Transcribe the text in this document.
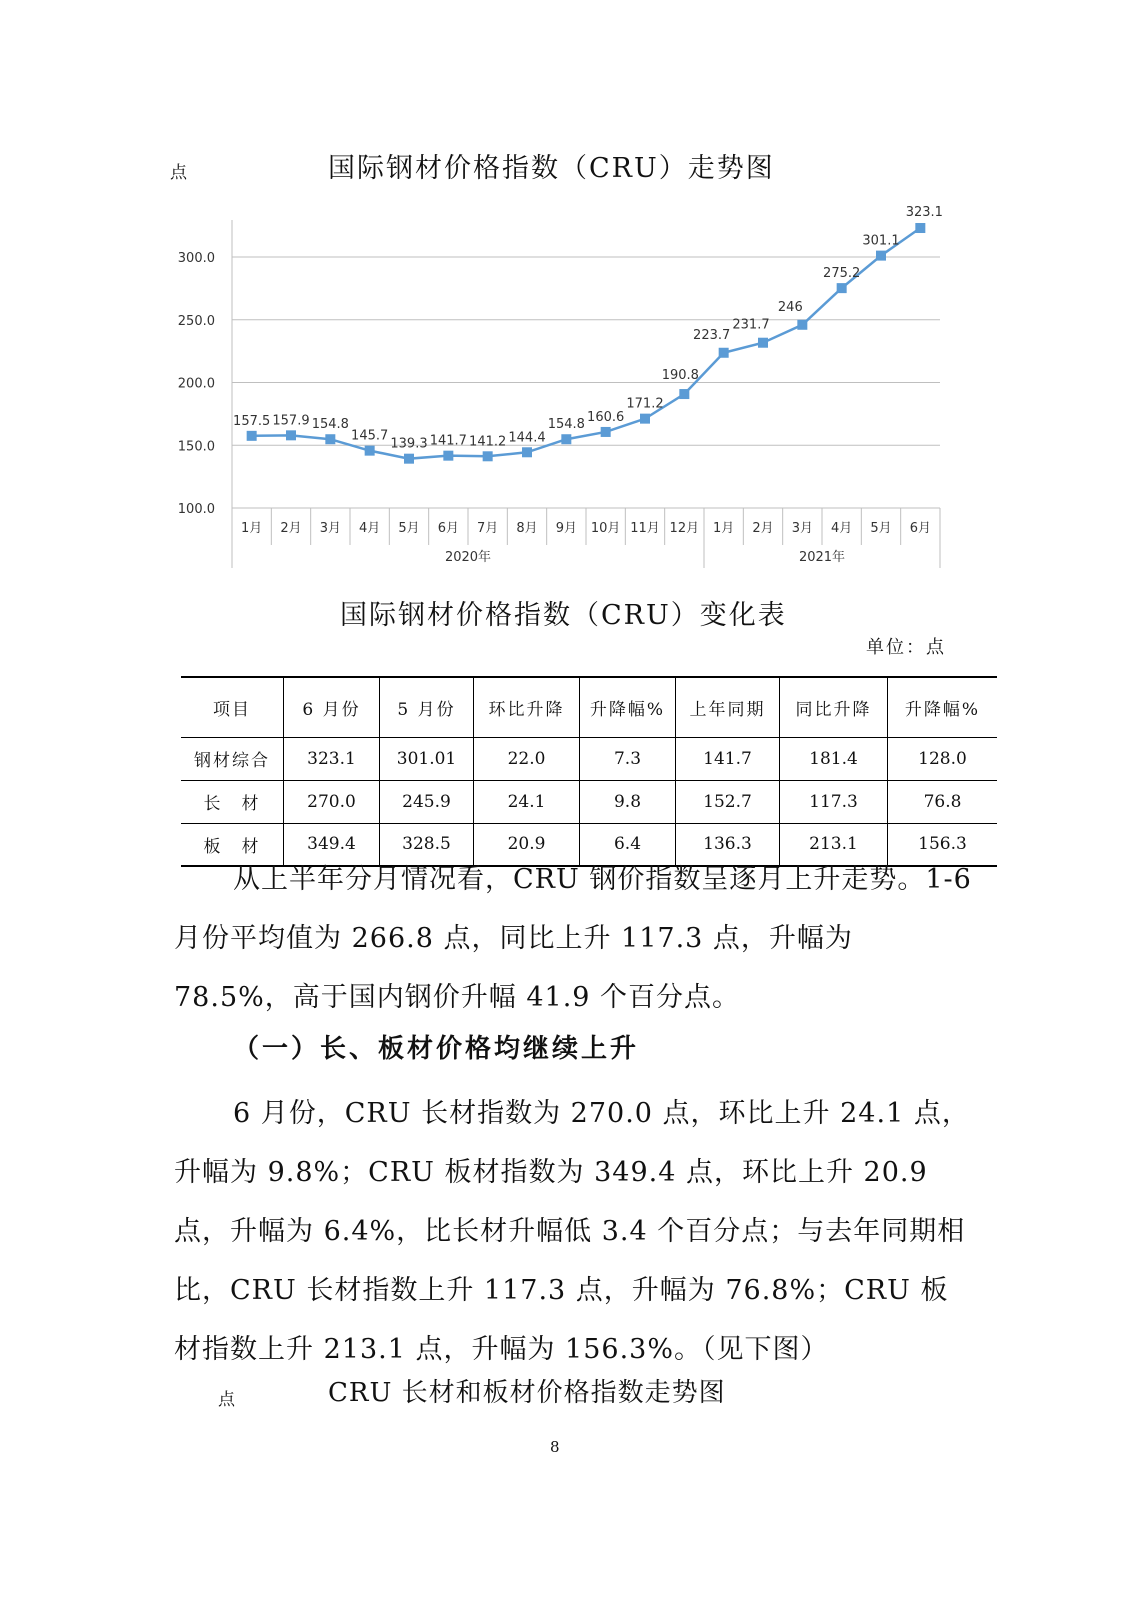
点	国际钢材价格指数（CRU）走势图
100.0
150.0
200.0
250.0
300.0
1月 2月 3月 4月 5月 6月 7月 8月 9月 10月 11月 12月 1月 2月 3月 4月 5月 6月
2020年	2021年
157.5 157.9 154.8
145.7
139.3 141.7 141.2 144.4
154.8 160.6
171.2
190.8
223.7
231.7
246
275.2
301.1
323.1
国际钢材价格指数（CRU）变化表
单位：点
项目	6 月份	5 月份	环比升降	升降幅%	上年同期	同比升降	升降幅%
钢材综合	323.1	301.01	22.0	7.3	141.7	181.4	128.0
长　材	270.0	245.9	24.1	9.8	152.7	117.3	76.8
板　材	349.4	328.5	20.9	6.4	136.3	213.1	156.3

从上半年分月情况看，CRU 钢价指数呈逐月上升走势。1-6 月份平均值为 266.8 点，同比上升 117.3 点，升幅为 78.5%，高于国内钢价升幅 41.9 个百分点。

（一）长、板材价格均继续上升

6 月份，CRU 长材指数为 270.0 点，环比上升 24.1 点，升幅为 9.8%；CRU 板材指数为 349.4 点，环比上升 20.9 点，升幅为 6.4%，比长材升幅低 3.4 个百分点；与去年同期相比，CRU 长材指数上升 117.3 点，升幅为 76.8%；CRU 板材指数上升 213.1 点，升幅为 156.3%。（见下图）

点	CRU 长材和板材价格指数走势图
8
